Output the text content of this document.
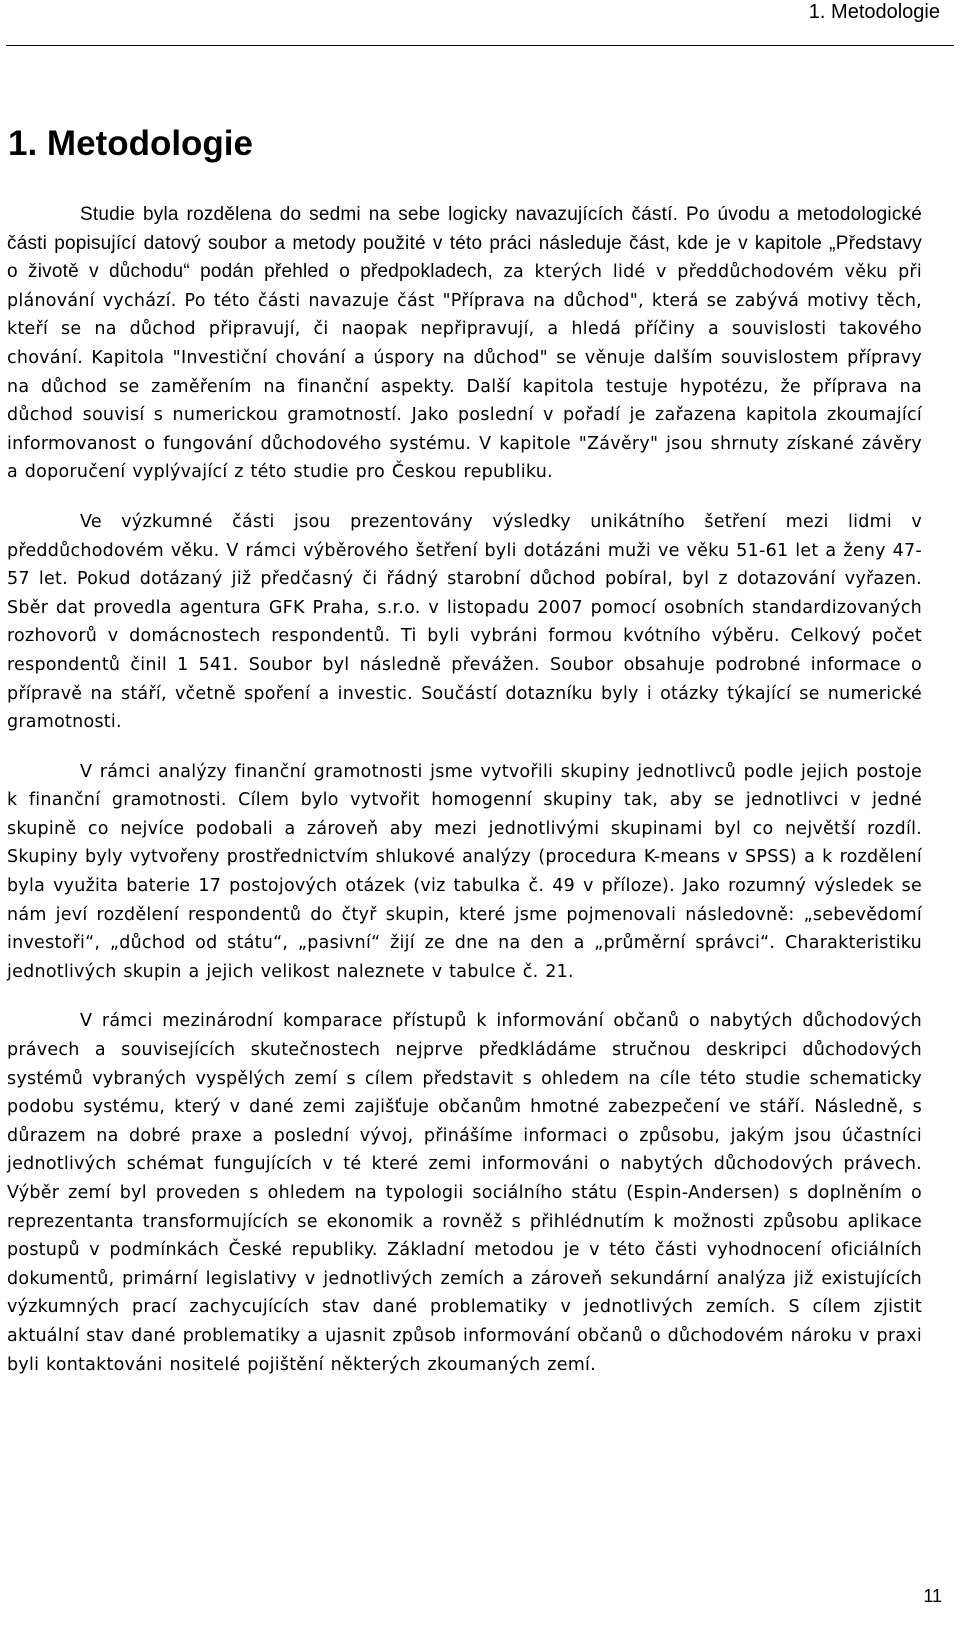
1. Metodologie
1. Metodologie

Studie byla rozdělena do sedmi na sebe logicky navazujících částí. Po úvodu a metodologické části popisující datový soubor a metody použité v této práci následuje část, kde je v kapitole „Představy o životě v důchodu“ podán přehled o předpokladech, za kterých lidé v předdůchodovém věku při plánování vychází. Po této části navazuje část "Příprava na důchod", která se zabývá motivy těch, kteří se na důchod připravují, či naopak nepřipravují, a hledá příčiny a souvislosti takového chování. Kapitola "Investiční chování a úspory na důchod" se věnuje dalším souvislostem přípravy na důchod se zaměřením na finanční aspekty. Další kapitola testuje hypotézu, že příprava na důchod souvisí s numerickou gramotností. Jako poslední v pořadí je zařazena kapitola zkoumající informovanost o fungování důchodového systému. V kapitole "Závěry" jsou shrnuty získané závěry a doporučení vyplývající z této studie pro Českou republiku.

Ve výzkumné části jsou prezentovány výsledky unikátního šetření mezi lidmi v předdůchodovém věku. V rámci výběrového šetření byli dotázáni muži ve věku 51-61 let a ženy 47-57 let. Pokud dotázaný již předčasný či řádný starobní důchod pobíral, byl z dotazování vyřazen. Sběr dat provedla agentura GFK Praha, s.r.o. v listopadu 2007 pomocí osobních standardizovaných rozhovorů v domácnostech respondentů. Ti byli vybráni formou kvótního výběru. Celkový počet respondentů činil 1 541. Soubor byl následně převážen. Soubor obsahuje podrobné informace o přípravě na stáří, včetně spoření a investic. Součástí dotazníku byly i otázky týkající se numerické gramotnosti.

V rámci analýzy finanční gramotnosti jsme vytvořili skupiny jednotlivců podle jejich postoje k finanční gramotnosti. Cílem bylo vytvořit homogenní skupiny tak, aby se jednotlivci v jedné skupině co nejvíce podobali a zároveň aby mezi jednotlivými skupinami byl co největší rozdíl. Skupiny byly vytvořeny prostřednictvím shlukové analýzy (procedura K-means v SPSS) a k rozdělení byla využita baterie 17 postojových otázek (viz tabulka č. 49 v příloze). Jako rozumný výsledek se nám jeví rozdělení respondentů do čtyř skupin, které jsme pojmenovali následovně: „sebevědomí investoři“, „důchod od státu“, „pasivní“ žijí ze dne na den a „průměrní správci“. Charakteristiku jednotlivých skupin a jejich velikost naleznete v tabulce č. 21.

V rámci mezinárodní komparace přístupů k informování občanů o nabytých důchodových právech a souvisejících skutečnostech nejprve předkládáme stručnou deskripci důchodových systémů vybraných vyspělých zemí s cílem představit s ohledem na cíle této studie schematicky podobu systému, který v dané zemi zajišťuje občanům hmotné zabezpečení ve stáří. Následně, s důrazem na dobré praxe a poslední vývoj, přinášíme informaci o způsobu, jakým jsou účastníci jednotlivých schémat fungujících v té které zemi informováni o nabytých důchodových právech. Výběr zemí byl proveden s ohledem na typologii sociálního státu (Espin-Andersen) s doplněním o reprezentanta transformujících se ekonomik a rovněž s přihlédnutím k možnosti způsobu aplikace postupů v podmínkách České republiky. Základní metodou je v této části vyhodnocení oficiálních dokumentů, primární legislativy v jednotlivých zemích a zároveň sekundární analýza již existujících výzkumných prací zachycujících stav dané problematiky v jednotlivých zemích. S cílem zjistit aktuální stav dané problematiky a ujasnit způsob informování občanů o důchodovém nároku v praxi byli kontaktováni nositelé pojištění některých zkoumaných zemí.

11
